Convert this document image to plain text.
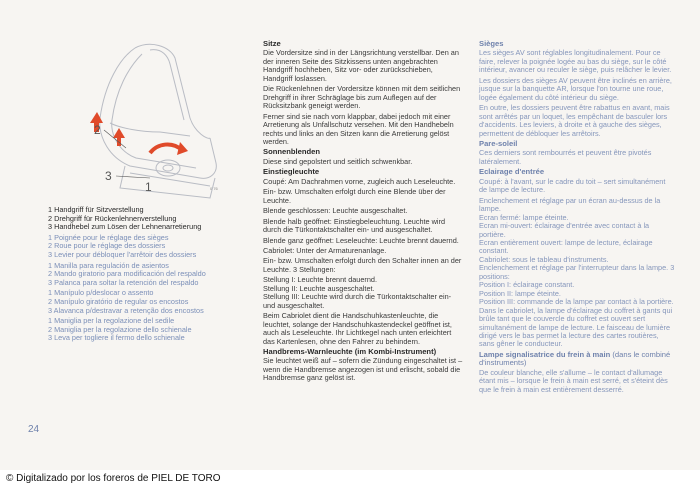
1
2
3
0 76
1 Handgriff für Sitzverstellung
2 Drehgriff für Rückenlehnenverstellung
3 Handhebel zum Lösen der Lehnenarretierung
1 Poignée pour le réglage des sièges
2 Roue pour le réglage des dossiers
3 Levier pour débloquer l'arrêtoir des dossiers
1 Manilla para regulación de asientos
2 Mando giratorio para modificación del respaldo
3 Palanca para soltar la retención del respaldo
1 Manípulo p/deslocar o assento
2 Manípulo giratório de regular os encostos
3 Alavanca p/destravar a retenção dos encostos
1 Maniglia per la regolazione del sedile
2 Maniglia per la regolazione dello schienale
3 Leva per togliere il fermo dello schienale
Sitze

Die Vordersitze sind in der Längsrichtung verstellbar. Den an der inneren Seite des Sitzkissens unten angebrachten Handgriff hochheben, Sitz vor- oder zurückschieben, Handgriff loslassen.

Die Rückenlehnen der Vordersitze können mit dem seitlichen Drehgriff in ihrer Schräglage bis zum Auflegen auf der Rücksitzbank geneigt werden.

Ferner sind sie nach vorn klappbar, dabei jedoch mit einer Arretierung als Unfallschutz versehen. Mit den Handhebeln rechts und links an den Sitzen kann die Arretierung gelöst werden.

Sonnenblenden

Diese sind gepolstert und seitlich schwenkbar.

Einstiegleuchte

Coupé: Am Dachrahmen vorne, zugleich auch Leseleuchte.

Ein- bzw. Umschalten erfolgt durch eine Blende über der Leuchte.

Blende geschlossen: Leuchte ausgeschaltet.

Blende halb geöffnet: Einstiegbeleuchtung. Leuchte wird durch die Türkontaktschalter ein- und ausgeschaltet.

Blende ganz geöffnet: Leseleuchte: Leuchte brennt dauernd.

Cabriolet: Unter der Armaturenanlage.

Ein- bzw. Umschalten erfolgt durch den Schalter innen an der Leuchte. 3 Stellungen:

Stellung I: Leuchte brennt dauernd.

Stellung II: Leuchte ausgeschaltet.

Stellung III: Leuchte wird durch die Türkontaktschalter ein- und ausgeschaltet.

Beim Cabriolet dient die Handschuhkastenleuchte, die leuchtet, solange der Handschuhkastendeckel geöffnet ist, auch als Leseleuchte. Ihr Lichtkegel nach unten erleichtert das Kartenlesen, ohne den Fahrer zu behindern.

Handbrems-Warnleuchte (im Kombi-Instrument)

Sie leuchtet weiß auf – sofern die Zündung eingeschaltet ist – wenn die Handbremse angezogen ist und erlischt, sobald die Handbremse ganz gelöst ist.

Sièges

Les sièges AV sont réglables longitudinalement. Pour ce faire, relever la poignée logée au bas du siège, sur le côté intérieur, avancer ou reculer le siège, puis relâcher le levier.

Les dossiers des sièges AV peuvent être inclinés en arrière, jusque sur la banquette AR, lorsque l'on tourne une roue, logée également du côté intérieur du siège.

En outre, les dossiers peuvent être rabattus en avant, mais sont arrêtés par un loquet, les empêchant de basculer lors d'accidents. Les leviers, à droite et à gauche des sièges, permettent de débloquer les arrêtoirs.

Pare-soleil

Ces derniers sont rembourrés et peuvent être pivotés latéralement.

Eclairage d'entrée

Coupé: à l'avant, sur le cadre du toit – sert simultanément de lampe de lecture.

Enclenchement et réglage par un écran au-dessus de la lampe.

Ecran fermé: lampe éteinte.

Ecran mi-ouvert: éclairage d'entrée avec contact à la portière.

Ecran entièrement ouvert: lampe de lecture, éclairage constant.

Cabriolet: sous le tableau d'instruments.

Enclenchement et réglage par l'interrupteur dans la lampe. 3 positions:

Position I: éclairage constant.

Position II: lampe éteinte.

Position III: commande de la lampe par contact à la portière.

Dans le cabriolet, la lampe d'éclairage du coffret à gants qui brûle tant que le couvercle du coffret est ouvert sert simultanément de lampe de lecture. Le faisceau de lumière dirigé vers le bas permet la lecture des cartes routières, sans gêner le conducteur.

Lampe signalisatrice du frein à main (dans le combiné d'instruments)

De couleur blanche, elle s'allume – le contact d'allumage étant mis – lorsque le frein à main est serré, et s'éteint dès que le frein à main est entièrement desserré.

24
© Digitalizado por los foreros de PIEL DE TORO
